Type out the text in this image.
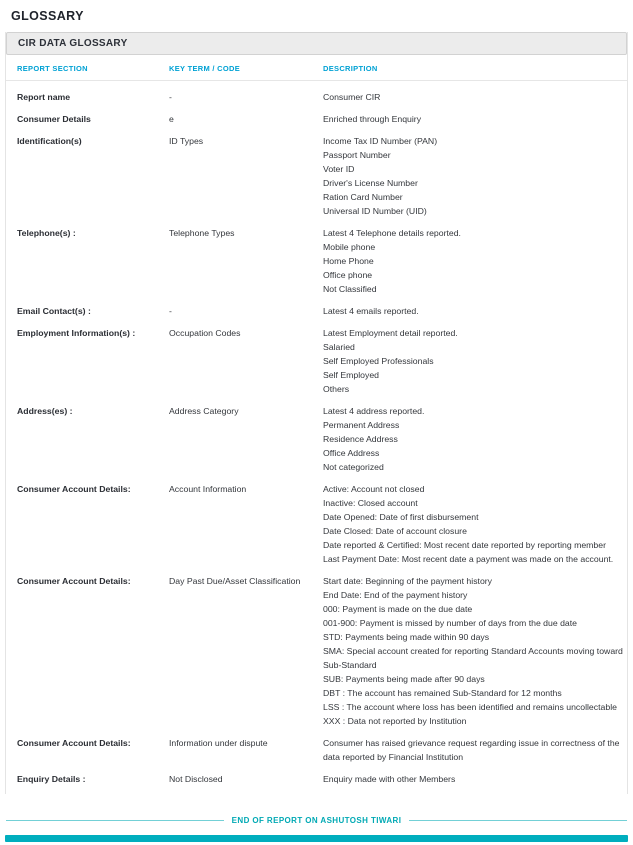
GLOSSARY
CIR DATA GLOSSARY
REPORT SECTION	KEY TERM / CODE	DESCRIPTION
Report name	-	Consumer CIR
Consumer Details	e	Enriched through Enquiry
Identification(s)	ID Types	Income Tax ID Number (PAN)
Passport Number
Voter ID
Driver's License Number
Ration Card Number
Universal ID Number (UID)
Telephone(s) :	Telephone Types	Latest 4 Telephone details reported.
Mobile phone
Home Phone
Office phone
Not Classified
Email Contact(s) :	-	Latest 4 emails reported.
Employment Information(s) :	Occupation Codes	Latest Employment detail reported.
Salaried
Self Employed Professionals
Self Employed
Others
Address(es) :	Address Category	Latest 4 address reported.
Permanent Address
Residence Address
Office Address
Not categorized
Consumer Account Details:	Account Information	Active: Account not closed
Inactive: Closed account
Date Opened: Date of first disbursement
Date Closed: Date of account closure
Date reported & Certified: Most recent date reported by reporting member
Last Payment Date: Most recent date a payment was made on the account.
Consumer Account Details:	Day Past Due/Asset Classification	Start date: Beginning of the payment history
End Date: End of the payment history
000: Payment is made on the due date
001-900: Payment is missed by number of days from the due date
STD: Payments being made within 90 days
SMA: Special account created for reporting Standard Accounts moving toward Sub-Standard
SUB: Payments being made after 90 days
DBT : The account has remained Sub-Standard for 12 months
LSS : The account where loss has been identified and remains uncollectable
XXX : Data not reported by Institution
Consumer Account Details:	Information under dispute	Consumer has raised grievance request regarding issue in correctness of the data reported by Financial Institution
Enquiry Details :	Not Disclosed	Enquiry made with other Members
END OF REPORT ON ASHUTOSH TIWARI
